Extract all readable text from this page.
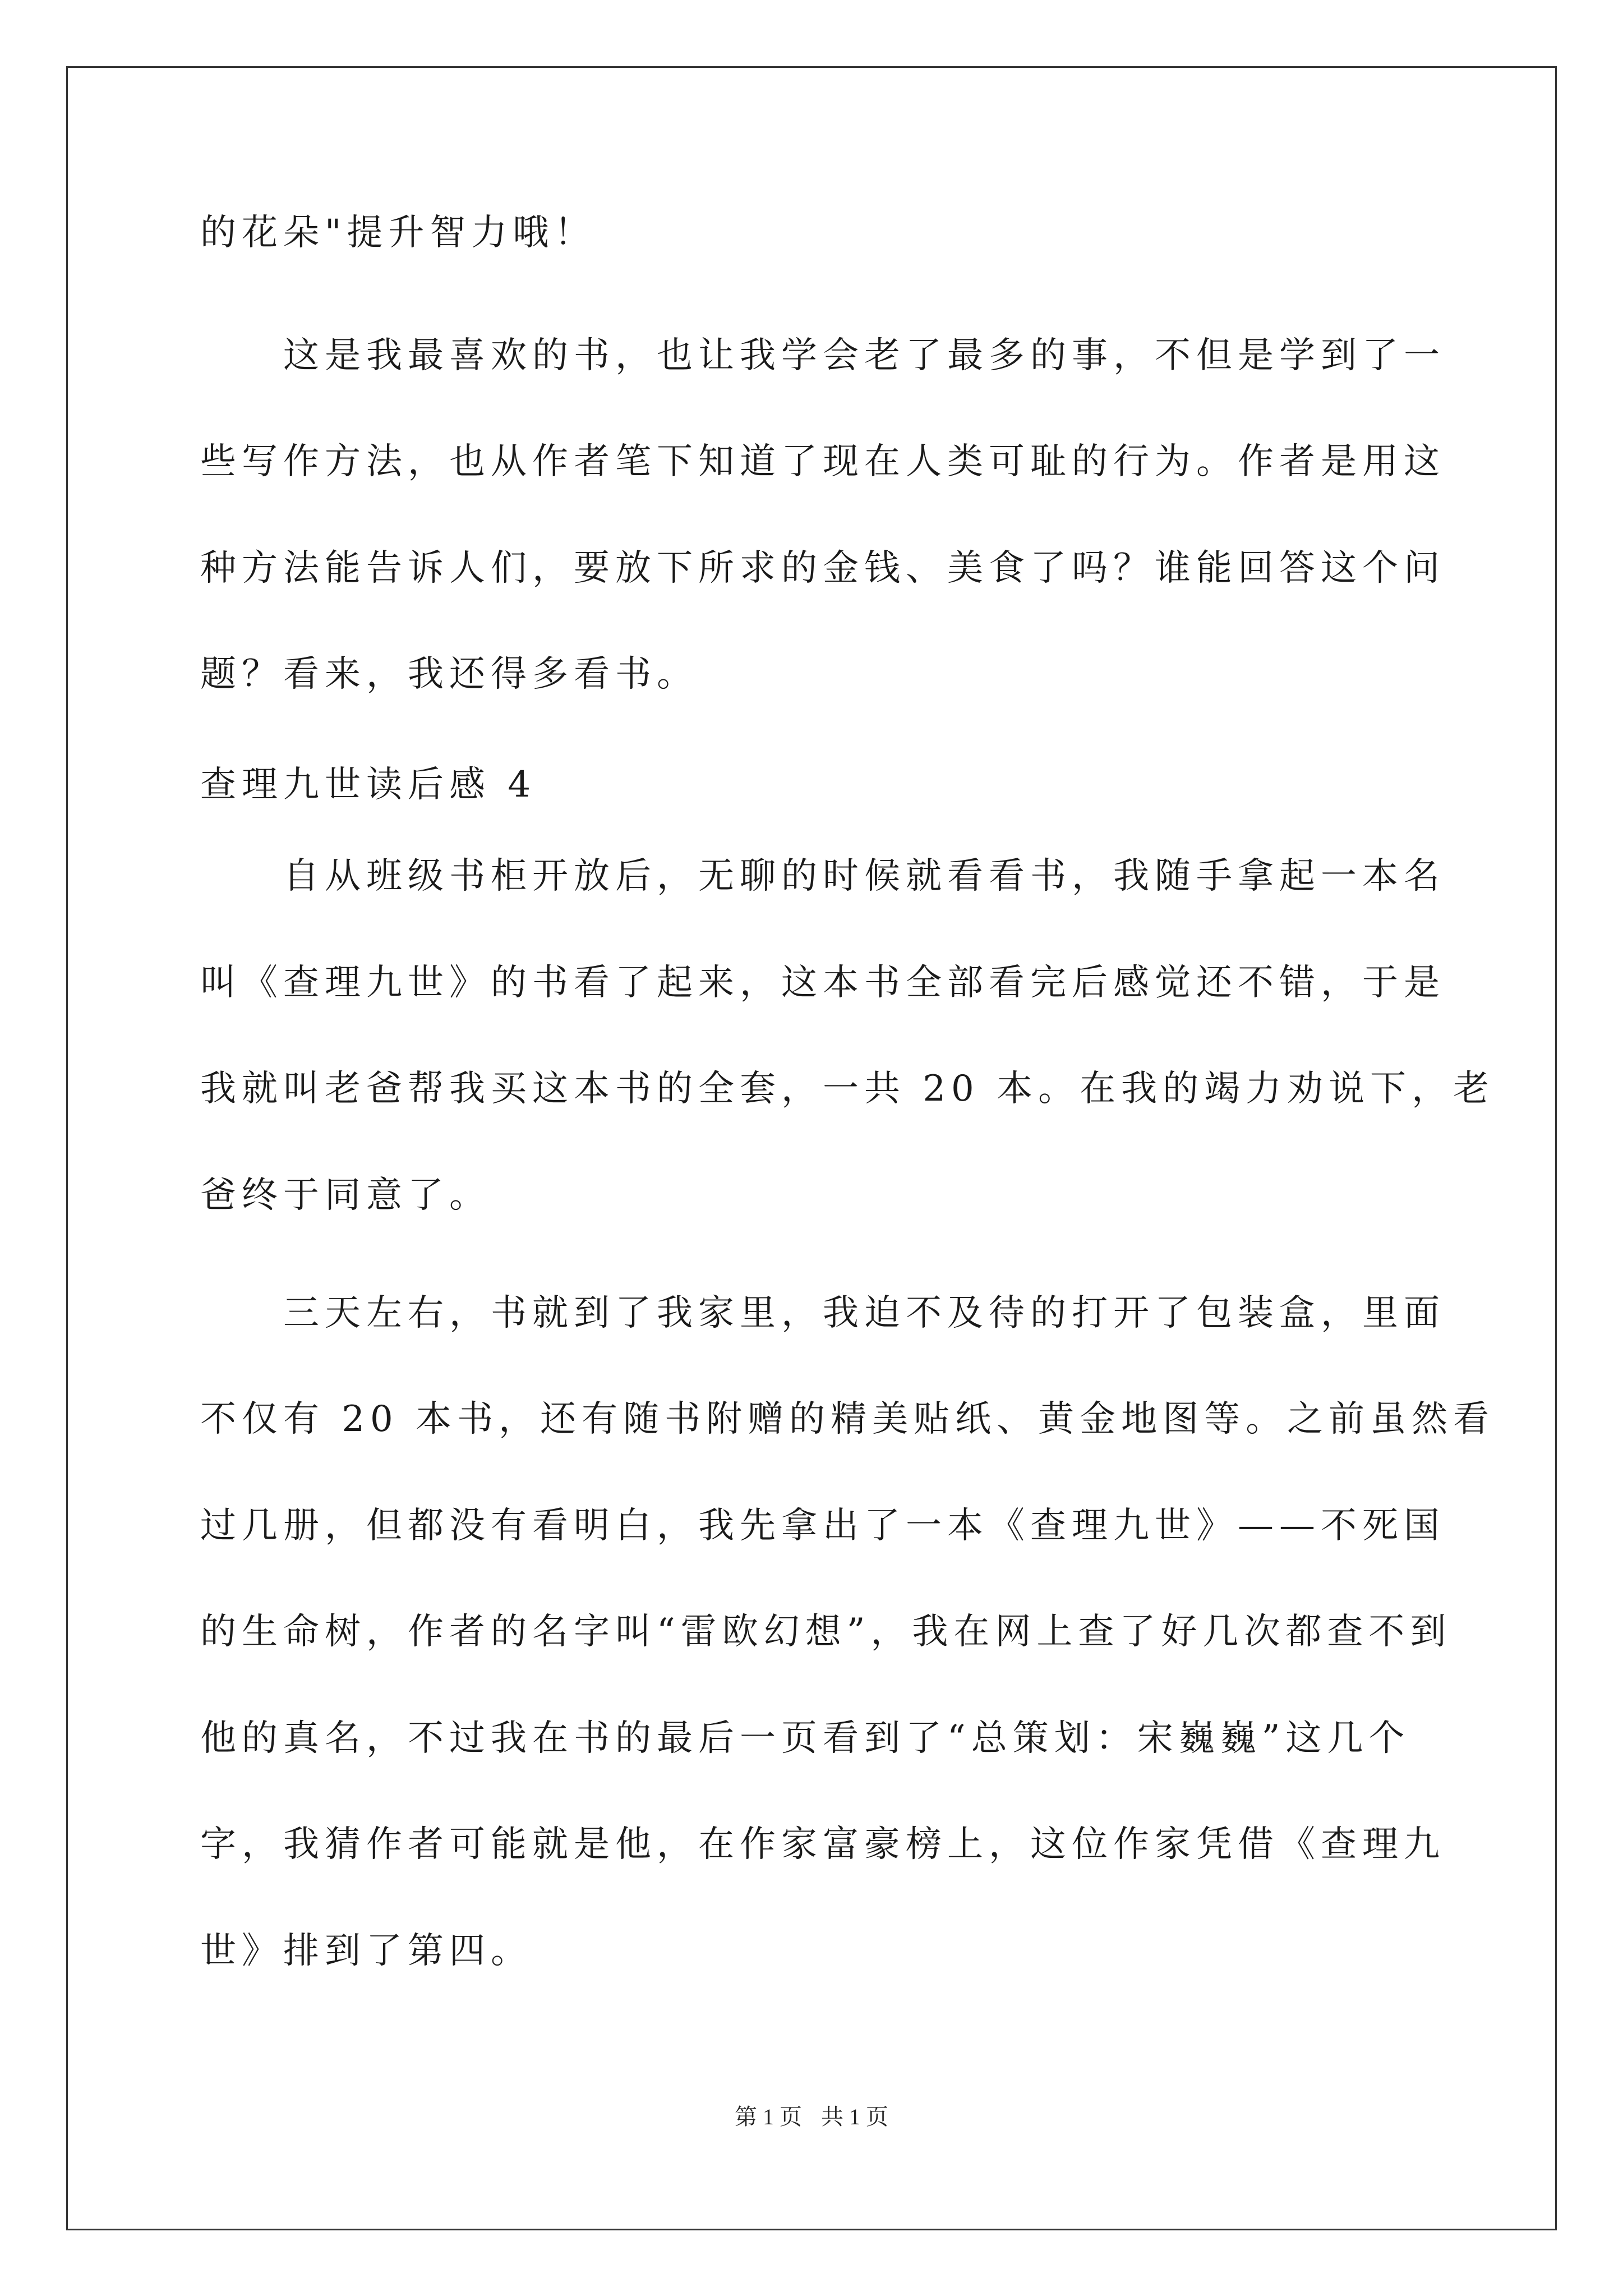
的花朵"提升智力哦！
这是我最喜欢的书，也让我学会老了最多的事，不但是学到了一
些写作方法，也从作者笔下知道了现在人类可耻的行为。作者是用这
种方法能告诉人们，要放下所求的金钱、美食了吗？谁能回答这个问
题？看来，我还得多看书。
查理九世读后感 4
自从班级书柜开放后，无聊的时候就看看书，我随手拿起一本名
叫《查理九世》的书看了起来，这本书全部看完后感觉还不错，于是
我就叫老爸帮我买这本书的全套，一共 20 本。在我的竭力劝说下，老
爸终于同意了。
三天左右，书就到了我家里，我迫不及待的打开了包装盒，里面
不仅有 20 本书，还有随书附赠的精美贴纸、黄金地图等。之前虽然看
过几册，但都没有看明白，我先拿出了一本《查理九世》——不死国
的生命树，作者的名字叫“雷欧幻想”，我在网上查了好几次都查不到
他的真名，不过我在书的最后一页看到了“总策划：宋巍巍”这几个
字，我猜作者可能就是他，在作家富豪榜上，这位作家凭借《查理九
世》排到了第四。
第 1 页 共 1 页
